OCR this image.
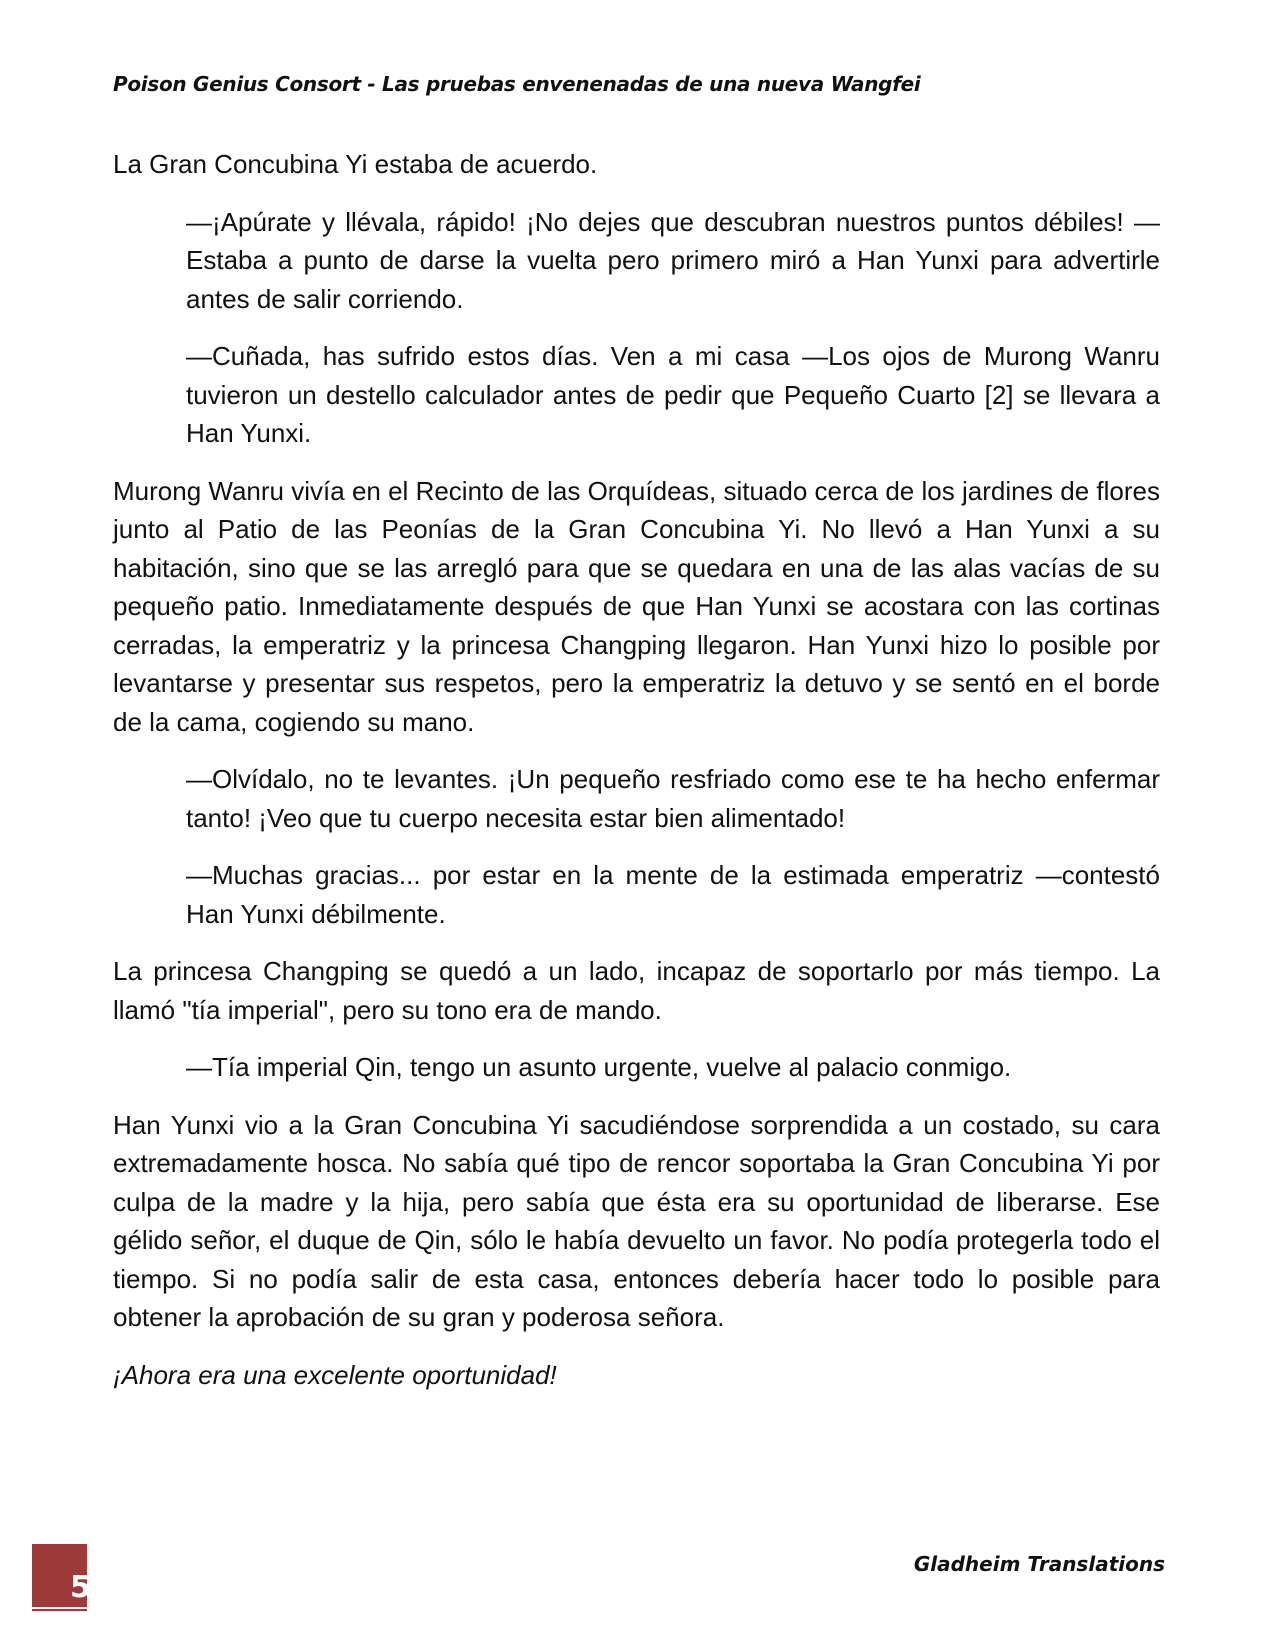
Poison Genius Consort - Las pruebas envenenadas de una nueva Wangfei

La Gran Concubina Yi estaba de acuerdo.

—¡Apúrate y llévala, rápido! ¡No dejes que descubran nuestros puntos débiles! —Estaba a punto de darse la vuelta pero primero miró a Han Yunxi para advertirle antes de salir corriendo.

—Cuñada, has sufrido estos días. Ven a mi casa —Los ojos de Murong Wanru tuvieron un destello calculador antes de pedir que Pequeño Cuarto [2] se llevara a Han Yunxi.

Murong Wanru vivía en el Recinto de las Orquídeas, situado cerca de los jardines de flores junto al Patio de las Peonías de la Gran Concubina Yi. No llevó a Han Yunxi a su habitación, sino que se las arregló para que se quedara en una de las alas vacías de su pequeño patio. Inmediatamente después de que Han Yunxi se acostara con las cortinas cerradas, la emperatriz y la princesa Changping llegaron. Han Yunxi hizo lo posible por levantarse y presentar sus respetos, pero la emperatriz la detuvo y se sentó en el borde de la cama, cogiendo su mano.

—Olvídalo, no te levantes. ¡Un pequeño resfriado como ese te ha hecho enfermar tanto! ¡Veo que tu cuerpo necesita estar bien alimentado!

—Muchas gracias... por estar en la mente de la estimada emperatriz —contestó Han Yunxi débilmente.

La princesa Changping se quedó a un lado, incapaz de soportarlo por más tiempo. La llamó "tía imperial", pero su tono era de mando.

—Tía imperial Qin, tengo un asunto urgente, vuelve al palacio conmigo.

Han Yunxi vio a la Gran Concubina Yi sacudiéndose sorprendida a un costado, su cara extremadamente hosca. No sabía qué tipo de rencor soportaba la Gran Concubina Yi por culpa de la madre y la hija, pero sabía que ésta era su oportunidad de liberarse. Ese gélido señor, el duque de Qin, sólo le había devuelto un favor. No podía protegerla todo el tiempo. Si no podía salir de esta casa, entonces debería hacer todo lo posible para obtener la aprobación de su gran y poderosa señora.

¡Ahora era una excelente oportunidad!

5
Gladheim Translations
